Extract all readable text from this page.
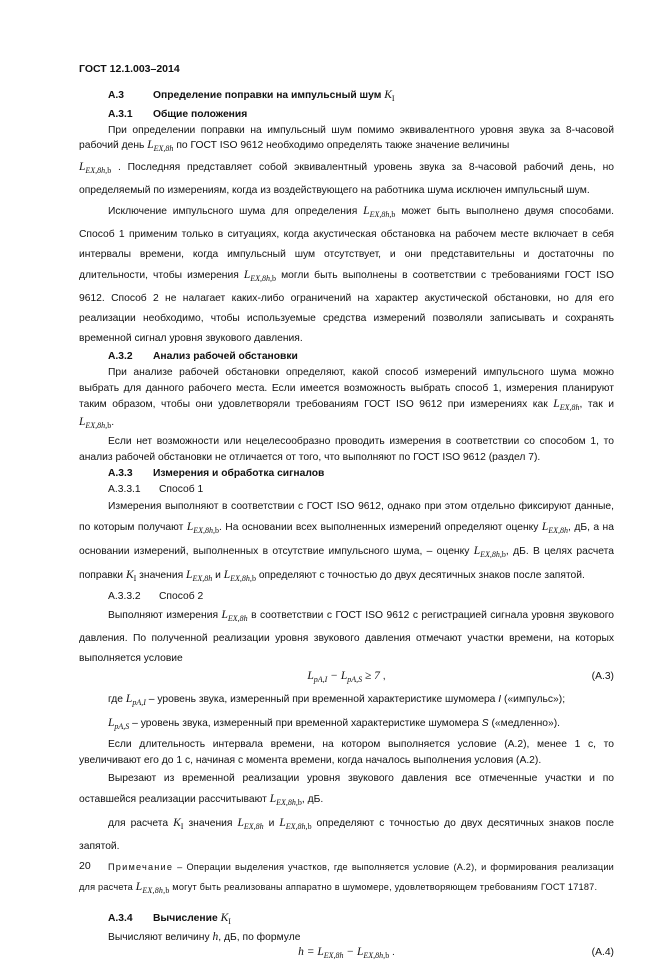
ГОСТ 12.1.003–2014

А.3	Определение поправки на импульсный шум $K_I$

А.3.1 Общие положения

При определении поправки на импульсный шум помимо эквивалентного уровня звука за 8-часовой рабочий день $L_{EX,8h}$ по ГОСТ ISO 9612 необходимо определять также значение величины

$L_{EX,8h,b}$ . Последняя представляет собой эквивалентный уровень звука за 8-часовой рабочий день, но определяемый по измерениям, когда из воздействующего на работника шума исключен импульсный шум.

Исключение импульсного шума для определения $L_{EX,8h,b}$ может быть выполнено двумя способами. Способ 1 применим только в ситуациях, когда акустическая обстановка на рабочем месте включает в себя интервалы времени, когда импульсный шум отсутствует, и они представительны и достаточны по длительности, чтобы измерения $L_{EX,8h,b}$ могли быть выполнены в соответствии с требованиями ГОСТ ISO 9612. Способ 2 не налагает каких-либо ограничений на характер акустической обстановки, но для его реализации необходимо, чтобы используемые средства измерений позволяли записывать и сохранять временной сигнал уровня звукового давления.

А.3.2 Анализ рабочей обстановки

При анализе рабочей обстановки определяют, какой способ измерений импульсного шума можно выбрать для данного рабочего места. Если имеется возможность выбрать способ 1, измерения планируют таким образом, чтобы они удовлетворяли требованиям ГОСТ ISO 9612 при измерениях как $L_{EX,8h}$, так и $L_{EX,8h,b}$.

Если нет возможности или нецелесообразно проводить измерения в соответствии со способом 1, то анализ рабочей обстановки не отличается от того, что выполняют по ГОСТ ISO 9612 (раздел 7).

А.3.3 Измерения и обработка сигналов

А.3.3.1 Способ 1

Измерения выполняют в соответствии с ГОСТ ISO 9612, однако при этом отдельно фиксируют данные, по которым получают $L_{EX,8h,b}$. На основании всех выполненных измерений определяют оценку $L_{EX,8h}$, дБ, а на основании измерений, выполненных в отсутствие импульсного шума, – оценку $L_{EX,8h,b}$, дБ. В целях расчета поправки $K_I$ значения $L_{EX,8h}$ и $L_{EX,8h,b}$ определяют с точностью до двух десятичных знаков после запятой.

А.3.3.2 Способ 2

Выполняют измерения $L_{EX,8h}$ в соответствии с ГОСТ ISO 9612 с регистрацией сигнала уровня звукового давления. По полученной реализации уровня звукового давления отмечают участки времени, на которых выполняется условие

$L_{pA,I} - L_{pA,S} \ge 7$ ,	(А.3)

где $L_{pA,I}$ – уровень звука, измеренный при временной характеристике шумомера I («импульс»);

$L_{pA,S}$ – уровень звука, измеренный при временной характеристике шумомера S («медленно»).

Если длительность интервала времени, на котором выполняется условие (А.2), менее 1 с, то увеличивают его до 1 с, начиная с момента времени, когда началось выполнения условия (А.2).

Вырезают из временной реализации уровня звукового давления все отмеченные участки и по оставшейся реализации рассчитывают $L_{EX,8h,b}$, дБ.

для расчета $K_I$ значения $L_{EX,8h}$ и $L_{EX,8h,b}$ определяют с точностью до двух десятичных знаков после запятой.

Примечание – Операции выделения участков, где выполняется условие (А.2), и формирования реализации для расчета $L_{EX,8h,b}$ могут быть реализованы аппаратно в шумомере, удовлетворяющем требованиям ГОСТ 17187.

А.3.4 Вычисление $K_I$

Вычисляют величину h, дБ, по формуле

$h = L_{EX,8h} - L_{EX,8h,b}$ .	(А.4)
20
